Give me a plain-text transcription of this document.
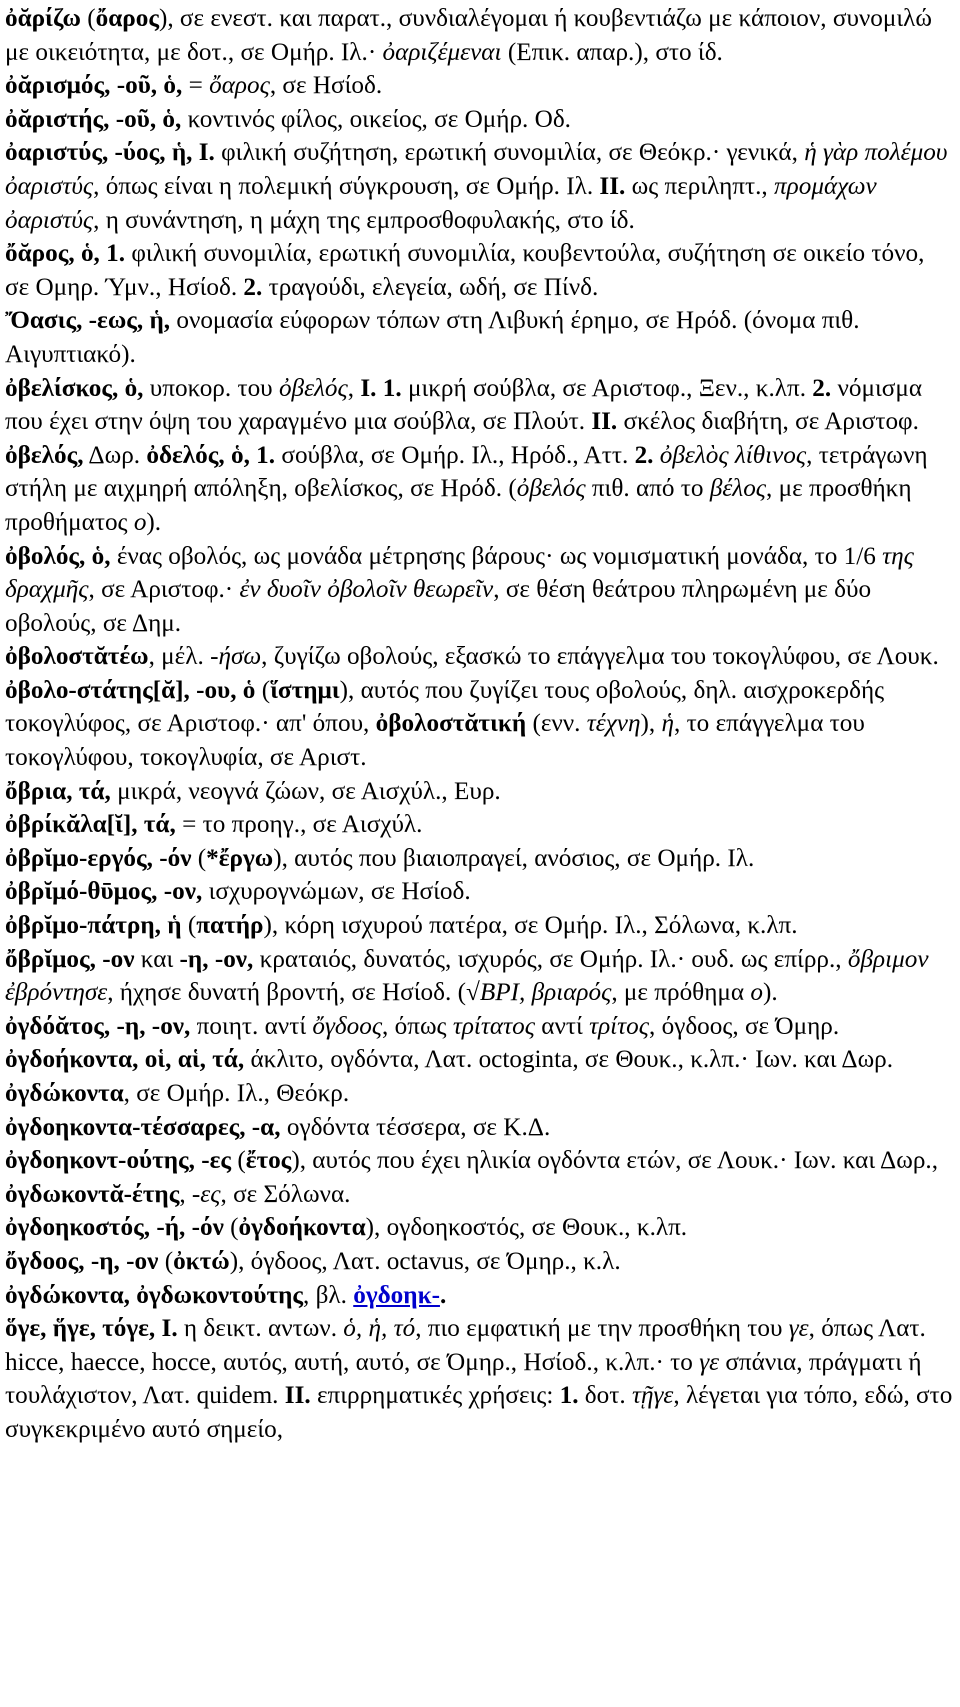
ὀᾰρίζω (ὄαρος), σε ενεστ. και παρατ., συνδιαλέγομαι ή κουβεντιάζω με κάποιον, συνομιλώ με οικειότητα, με δοτ., σε Ομήρ. Ιλ.· ὀαριζέμεναι (Επικ. απαρ.), στο ίδ.

ὀᾰρισμός, -οῦ, ὁ, = ὄαρος, σε Ησίοδ.

ὀᾰριστής, -οῦ, ὁ, κοντινός φίλος, οικείος, σε Ομήρ. Οδ.

ὀαριστύς, -ύος, ἡ, I. φιλική συζήτηση, ερωτική συνομιλία, σε Θεόκρ.· γενικά, ἡ γὰρ πολέμου ὀαριστύς, όπως είναι η πολεμική σύγκρουση, σε Ομήρ. Ιλ. II. ως περιληπτ., προμάχων ὀαριστύς, η συνάντηση, η μάχη της εμπροσθοφυλακής, στο ίδ.

ὄᾰρος, ὁ, 1. φιλική συνομιλία, ερωτική συνομιλία, κουβεντούλα, συζήτηση σε οικείο τόνο, σε Ομηρ. Ύμν., Ησίοδ. 2. τραγούδι, ελεγεία, ωδή, σε Πίνδ.

Ὄασις, -εως, ἡ, ονομασία εύφορων τόπων στη Λιβυκή έρημο, σε Ηρόδ. (όνομα πιθ. Αιγυπτιακό).

ὀβελίσκος, ὁ, υποκορ. του ὀβελός, I. 1. μικρή σούβλα, σε Αριστοφ., Ξεν., κ.λπ. 2. νόμισμα που έχει στην όψη του χαραγμένο μια σούβλα, σε Πλούτ. II. σκέλος διαβήτη, σε Αριστοφ.

ὀβελός, Δωρ. ὀδελός, ὁ, 1. σούβλα, σε Ομήρ. Ιλ., Ηρόδ., Αττ. 2. ὀβελὸς λίθινος, τετράγωνη στήλη με αιχμηρή απόληξη, οβελίσκος, σε Ηρόδ. (ὀβελός πιθ. από το βέλος, με προσθήκη προθήματος ο).

ὀβολός, ὁ, ένας οβολός, ως μονάδα μέτρησης βάρους· ως νομισματική μονάδα, το 1/6 της δραχμῆς, σε Αριστοφ.· ἐν δυοῖν ὀβολοῖν θεωρεῖν, σε θέση θεάτρου πληρωμένη με δύο οβολούς, σε Δημ.

ὀβολοστᾰτέω, μέλ. -ήσω, ζυγίζω οβολούς, εξασκώ το επάγγελμα του τοκογλύφου, σε Λουκ.

ὀβολο-στάτης[ᾰ], -ου, ὁ (ἵστημι), αυτός που ζυγίζει τους οβολούς, δηλ. αισχροκερδής τοκογλύφος, σε Αριστοφ.· απ' όπου, ὀβολοστᾰτική (ενν. τέχνη), ἡ, το επάγγελμα του τοκογλύφου, τοκογλυφία, σε Αριστ.

ὄβρια, τά, μικρά, νεογνά ζώων, σε Αισχύλ., Ευρ.

ὀβρίκᾰλα[ῐ], τά, = το προηγ., σε Αισχύλ.

ὀβρῐμο-εργός, -όν (*ἔργω), αυτός που βιαιοπραγεί, ανόσιος, σε Ομήρ. Ιλ.

ὀβρῐμό-θῡμος, -ον, ισχυρογνώμων, σε Ησίοδ.

ὀβρῐμο-πάτρη, ἡ (πατήρ), κόρη ισχυρού πατέρα, σε Ομήρ. Ιλ., Σόλωνα, κ.λπ.

ὄβρῐμος, -ον και -η, -ον, κραταιός, δυνατός, ισχυρός, σε Ομήρ. Ιλ.· ουδ. ως επίρρ., ὄβριμον ἐβρόντησε, ήχησε δυνατή βροντή, σε Ησίοδ. (√ΒΡΙ, βριαρός, με πρόθημα ο).

ὀγδόᾰτος, -η, -ον, ποιητ. αντί ὄγδοος, όπως τρίτατος αντί τρίτος, όγδοος, σε Όμηρ.

ὀγδοήκοντα, οἱ, αἱ, τά, άκλιτο, ογδόντα, Λατ. octoginta, σε Θουκ., κ.λπ.· Ιων. και Δωρ. ὀγδώκοντα, σε Ομήρ. Ιλ., Θεόκρ.

ὀγδοηκοντα-τέσσαρες, -α, ογδόντα τέσσερα, σε Κ.Δ.

ὀγδοηκοντ-ούτης, -ες (ἔτος), αυτός που έχει ηλικία ογδόντα ετών, σε Λουκ.· Ιων. και Δωρ., ὀγδωκοντᾰ-έτης, -ες, σε Σόλωνα.

ὀγδοηκοστός, -ή, -όν (ὀγδοήκοντα), ογδοηκοστός, σε Θουκ., κ.λπ.

ὄγδοος, -η, -ον (ὀκτώ), όγδοος, Λατ. octavus, σε Όμηρ., κ.λ.

ὀγδώκοντα, ὀγδωκοντούτης, βλ. ὀγδοηκ-.

ὅγε, ἥγε, τόγε, I. η δεικτ. αντων. ὁ, ἡ, τό, πιο εμφατική με την προσθήκη του γε, όπως Λατ. hicce, haecce, hocce, αυτός, αυτή, αυτό, σε Όμηρ., Ησίοδ., κ.λπ.· το γε σπάνια, πράγματι ή τουλάχιστον, Λατ. quidem. II. επιρρηματικές χρήσεις: 1. δοτ. τῇγε, λέγεται για τόπο, εδώ, στο συγκεκριμένο αυτό σημείο,
